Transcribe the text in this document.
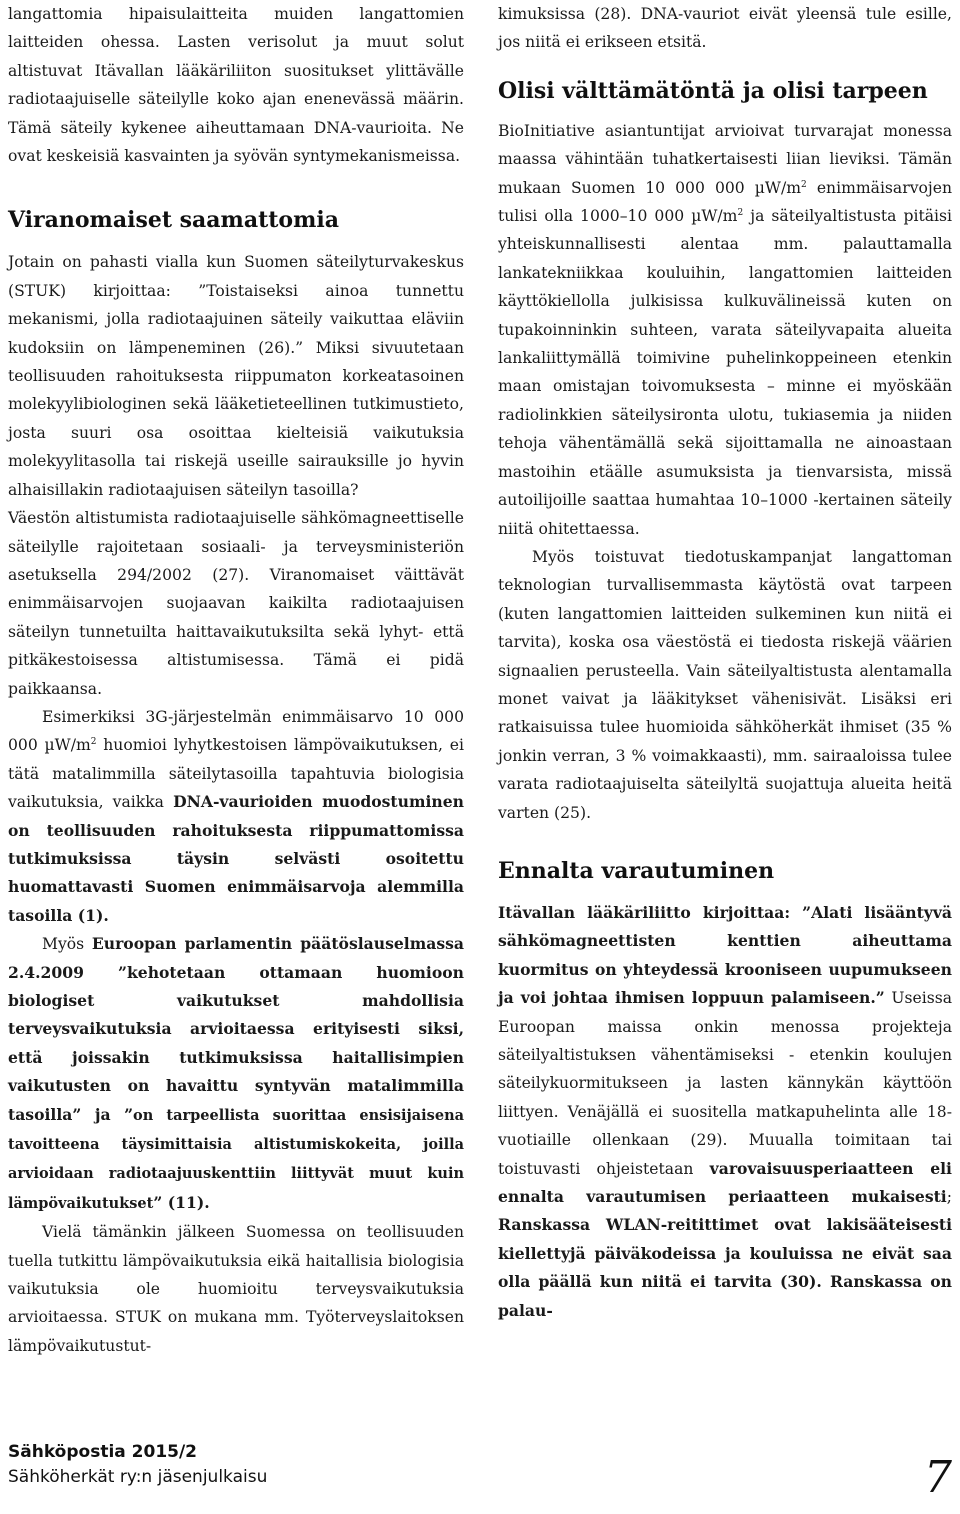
langattomia hipaisulaitteita muiden langattomien laitteiden ohessa. Lasten verisolut ja muut solut altistuvat Itävallan lääkäriliiton suositukset ylittävälle radiotaajuiselle säteilylle koko ajan enenevässä määrin. Tämä säteily kykenee aiheuttamaan DNA-vaurioita. Ne ovat keskeisiä kasvainten ja syövän syntymekanismeissa.

Viranomaiset saamattomia

Jotain on pahasti vialla kun Suomen säteilyturvakeskus (STUK) kirjoittaa: ”Toistaiseksi ainoa tunnettu mekanismi, jolla radiotaajuinen säteily vaikuttaa eläviin kudoksiin on lämpeneminen (26).” Miksi sivuutetaan teollisuuden rahoituksesta riippumaton korkeatasoinen molekyylibiologinen sekä lääketieteellinen tutkimustieto, josta suuri osa osoittaa kielteisiä vaikutuksia molekyylitasolla tai riskejä useille sairauksille jo hyvin alhaisillakin radiotaajuisen säteilyn tasoilla?

Väestön altistumista radiotaajuiselle sähkömagneettiselle säteilylle rajoitetaan sosiaali- ja terveysministeriön asetuksella 294/2002 (27). Viranomaiset väittävät enimmäisarvojen suojaavan kaikilta radiotaajuisen säteilyn tunnetuilta haittavaikutuksilta sekä lyhyt- että pitkäkestoisessa altistumisessa. Tämä ei pidä paikkaansa.

Esimerkiksi 3G-järjestelmän enimmäisarvo 10 000 000 $\mu W/m^2$ huomioi lyhytkestoisen lämpövaikutuksen, ei tätä matalimmilla säteilytasoilla tapahtuvia biologisia vaikutuksia, vaikka DNA-vaurioiden muodostuminen on teollisuuden rahoituksesta riippumattomissa tutkimuksissa täysin selvästi osoitettu huomattavasti Suomen enimmäisarvoja alemmilla tasoilla (1).

Myös Euroopan parlamentin päätöslauselmassa 2.4.2009 ”kehotetaan ottamaan huomioon biologiset vaikutukset mahdollisia terveysvaikutuksia arvioitaessa erityisesti siksi, että joissakin tutkimuksissa haitallisimpien vaikutusten on havaittu syntyvän matalimmilla tasoilla” ja ”on tarpeellista suorittaa ensisijaisena tavoitteena täysimittaisia altistumiskokeita, joilla arvioidaan radiotaajuuskenttiin liittyvät muut kuin lämpövaikutukset” (11).

Vielä tämänkin jälkeen Suomessa on teollisuuden tuella tutkittu lämpövaikutuksia eikä haitallisia biologisia vaikutuksia ole huomioitu terveysvaikutuksia arvioitaessa. STUK on mukana mm. Työterveyslaitoksen lämpövaikutustut-

kimuksissa (28). DNA-vauriot eivät yleensä tule esille, jos niitä ei erikseen etsitä.

Olisi välttämätöntä ja olisi tarpeen

BioInitiative asiantuntijat arvioivat turvarajat monessa maassa vähintään tuhatkertaisesti liian lieviksi. Tämän mukaan Suomen 10 000 000 $\mu W/m^2$ enimmäisarvojen tulisi olla 1000–10 000 $\mu W/m^2$ ja säteilyaltistusta pitäisi yhteiskunnallisesti alentaa mm. palauttamalla lankatekniikkaa kouluihin, langattomien laitteiden käyttökiellolla julkisissa kulkuvälineissä kuten on tupakoinninkin suhteen, varata säteilyvapaita alueita lankaliittymällä toimivine puhelinkoppeineen etenkin maan omistajan toivomuksesta – minne ei myöskään radiolinkkien säteilysironta ulotu, tukiasemia ja niiden tehoja vähentämällä sekä sijoittamalla ne ainoastaan mastoihin etäälle asumuksista ja tienvarsista, missä autoilijoille saattaa humahtaa 10–1000 -kertainen säteily niitä ohitettaessa.

Myös toistuvat tiedotuskampanjat langattoman teknologian turvallisemmasta käytöstä ovat tarpeen (kuten langattomien laitteiden sulkeminen kun niitä ei tarvita), koska osa väestöstä ei tiedosta riskejä väärien signaalien perusteella. Vain säteilyaltistusta alentamalla monet vaivat ja lääkitykset vähenisivät. Lisäksi eri ratkaisuissa tulee huomioida sähköherkät ihmiset (35 % jonkin verran, 3 % voimakkaasti), mm. sairaaloissa tulee varata radiotaajuiselta säteilyltä suojattuja alueita heitä varten (25).

Ennalta varautuminen

Itävallan lääkäriliitto kirjoittaa: ”Alati lisääntyvä sähkömagneettisten kenttien aiheuttama kuormitus on yhteydessä krooniseen uupumukseen ja voi johtaa ihmisen loppuun palamiseen.” Useissa Euroopan maissa onkin menossa projekteja säteilyaltistuksen vähentämiseksi - etenkin koulujen säteilykuormitukseen ja lasten kännykän käyttöön liittyen. Venäjällä ei suositella matkapuhelinta alle 18-vuotiaille ollenkaan (29). Muualla toimitaan tai toistuvasti ohjeistetaan varovaisuusperiaatteen eli ennalta varautumisen periaatteen mukaisesti; Ranskassa WLAN-reitittimet ovat lakisääteisesti kiellettyjä päiväkodeissa ja kouluissa ne eivät saa olla päällä kun niitä ei tarvita (30). Ranskassa on palau-

Sähköpostia 2015/2
Sähköherkät ry:n jäsenjulkaisu	7
